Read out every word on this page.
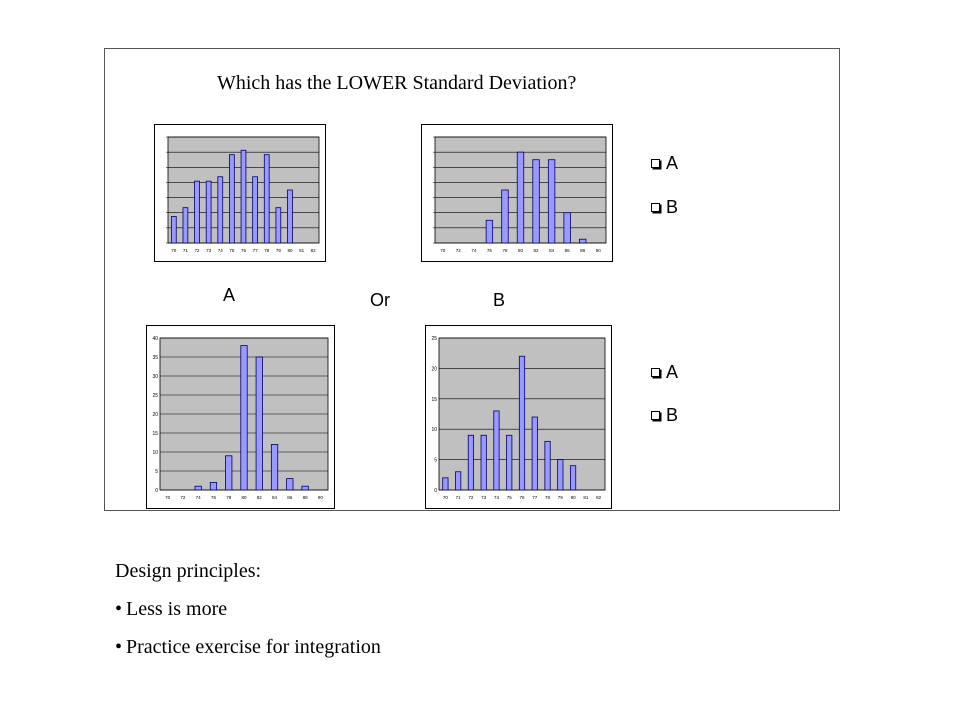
Which has the LOWER Standard Deviation?
70 71 72 73 74 75 76 77 78 79 80 81 82	70 72 74 76 78 80 82 84 86 88 90
0
5
10
15
20
25
30
35
40
70 72 74 76 78 80 82 84 86 88 90
0
5
10
15
20
25
70 71 72 73 74 75 76 77 78 79 80 81 82
A	Or	B
A
B
A
B
Design principles:
• Less is more
• Practice exercise for integration
